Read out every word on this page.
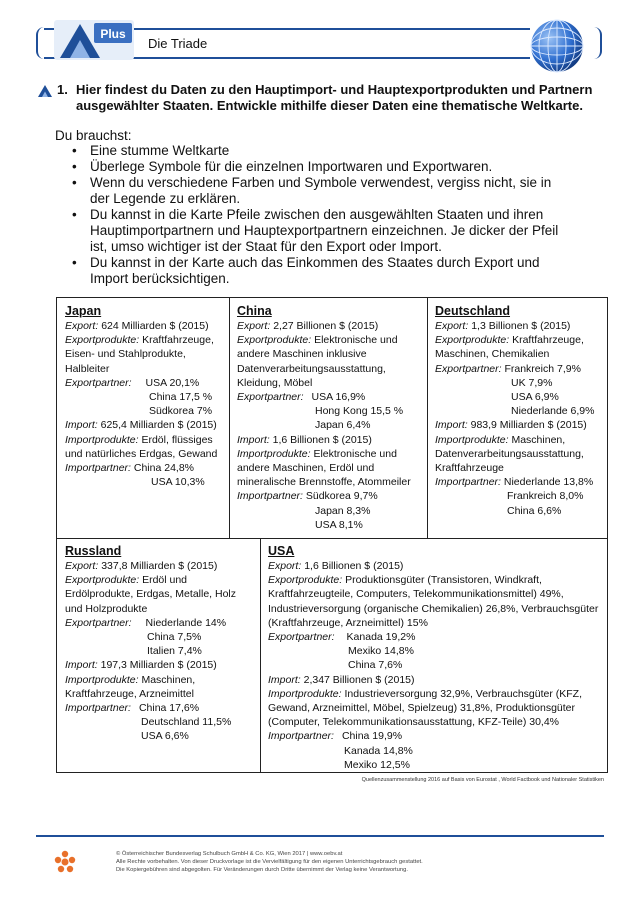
Plus
Die Triade
1. Hier findest du Daten zu den Hauptimport- und Hauptexportprodukten und Partnern ausgewählter Staaten. Entwickle mithilfe dieser Daten eine thematische Weltkarte.
Du brauchst:
• Eine stumme Weltkarte
• Überlege Symbole für die einzelnen Importwaren und Exportwaren.
• Wenn du verschiedene Farben und Symbole verwendest, vergiss nicht, sie in der Legende zu erklären.
• Du kannst in die Karte Pfeile zwischen den ausgewählten Staaten und ihren Hauptimportpartnern und Hauptexportpartnern einzeichnen. Je dicker der Pfeil ist, umso wichtiger ist der Staat für den Export oder Import.
• Du kannst in der Karte auch das Einkommen des Staates durch Export und Import berücksichtigen.
Japan
Export: 624 Milliarden $ (2015)
Exportprodukte: Kraftfahrzeuge, Eisen- und Stahlprodukte, Halbleiter
Exportpartner: USA 20,1%
China 17,5 %
Südkorea 7%
Import: 625,4 Milliarden $ (2015)
Importprodukte: Erdöl, flüssiges und natürliches Erdgas, Gewand
Importpartner: China 24,8%
USA 10,3%
China
Export: 2,27 Billionen $ (2015)
Exportprodukte: Elektronische und andere Maschinen inklusive Datenverarbeitungsausstattung, Kleidung, Möbel
Exportpartner: USA 16,9%
Hong Kong 15,5 %
Japan 6,4%
Import: 1,6 Billionen $ (2015)
Importprodukte: Elektronische und andere Maschinen, Erdöl und mineralische Brennstoffe, Atommeiler
Importpartner: Südkorea 9,7%
Japan 8,3%
USA 8,1%
Deutschland
Export: 1,3 Billionen $ (2015)
Exportprodukte: Kraftfahrzeuge, Maschinen, Chemikalien
Exportpartner: Frankreich 7,9%
UK 7,9%
USA 6,9%
Niederlande 6,9%
Import: 983,9 Milliarden $ (2015)
Importprodukte: Maschinen, Datenverarbeitungsausstattung, Kraftfahrzeuge
Importpartner: Niederlande 13,8%
Frankreich 8,0%
China 6,6%
Russland
Export: 337,8 Milliarden $ (2015)
Exportprodukte: Erdöl und Erdölprodukte, Erdgas, Metalle, Holz und Holzprodukte
Exportpartner: Niederlande 14%
China 7,5%
Italien 7,4%
Import: 197,3 Milliarden $ (2015)
Importprodukte: Maschinen, Kraftfahrzeuge, Arzneimittel
Importpartner: China 17,6%
Deutschland 11,5%
USA 6,6%
USA
Export: 1,6 Billionen $ (2015)
Exportprodukte: Produktionsgüter (Transistoren, Windkraft, Kraftfahrzeugteile, Computers, Telekommunikationsmittel) 49%, Industrieversorgung (organische Chemikalien) 26,8%, Verbrauchsgüter (Kraftfahrzeuge, Arzneimittel) 15%
Exportpartner: Kanada 19,2%
Mexiko 14,8%
China 7,6%
Import: 2,347 Billionen $ (2015)
Importprodukte: Industrieversorgung 32,9%, Verbrauchsgüter (KFZ, Gewand, Arzneimittel, Möbel, Spielzeug) 31,8%, Produktionsgüter (Computer, Telekommunikationsausstattung, KFZ-Teile) 30,4%
Importpartner: China 19,9%
Kanada 14,8%
Mexiko 12,5%
Quellenzusammenstellung 2016 auf Basis von Eurostat , World Factbook und Nationaler Statistiken
© Österreichischer Bundesverlag Schulbuch GmbH & Co. KG, Wien 2017 | www.oebv.at
Alle Rechte vorbehalten. Von dieser Druckvorlage ist die Vervielfältigung für den eigenen Unterrichtsgebrauch gestattet.
Die Kopiergebühren sind abgegolten. Für Veränderungen durch Dritte übernimmt der Verlag keine Verantwortung.
